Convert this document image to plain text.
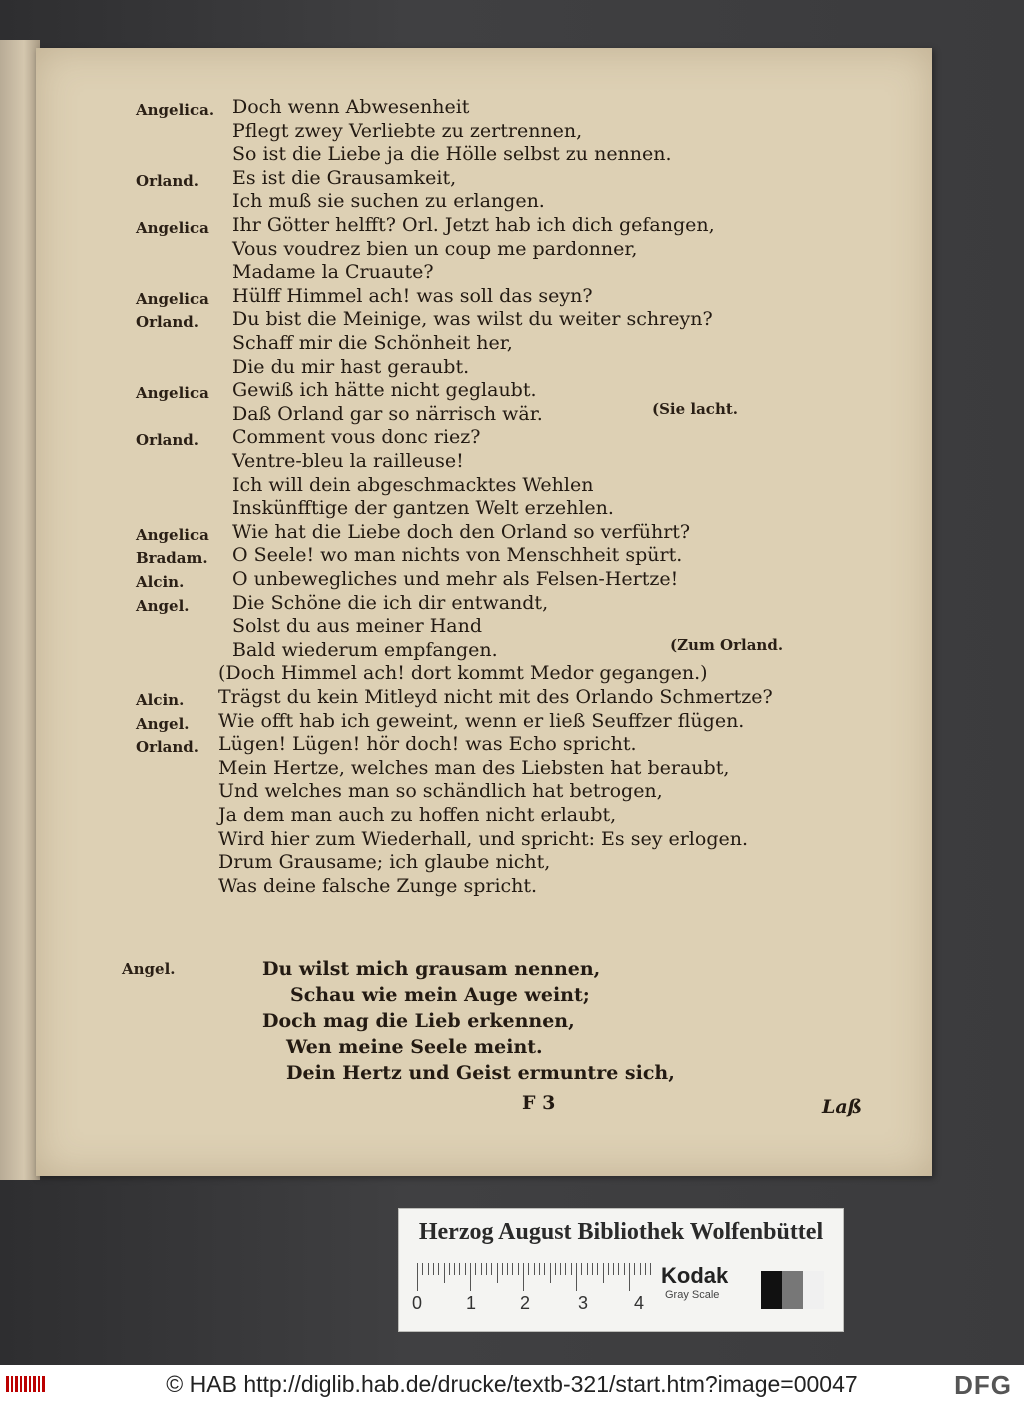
Angelica. Doch wenn Abwesenheit
Pflegt zwey Verliebte zu zertrennen,
So ist die Liebe ja die Hölle selbst zu nennen.
Orland. Es ist die Grausamkeit,
Ich muß sie suchen zu erlangen.
Angelica Ihr Götter helfft? Orl. Jetzt hab ich dich gefangen,
Vous voudrez bien un coup me pardonner,
Madame la Cruaute?
Angelica Hülff Himmel ach! was soll das seyn?
Orland. Du bist die Meinige, was wilst du weiter schreyn?
Schaff mir die Schönheit her,
Die du mir hast geraubt.
Angelica Gewiß ich hätte nicht geglaubt.
Daß Orland gar so närrisch wär.
Orland. Comment vous donc riez?
Ventre-bleu la railleuse!
Ich will dein abgeschmacktes Wehlen
Inskünfftige der gantzen Welt erzehlen.
Angelica Wie hat die Liebe doch den Orland so verführt?
Bradam. O Seele! wo man nichts von Menschheit spürt.
Alcin.	O unbewegliches und mehr als Felsen-Hertze!
Angel. Die Schöne die ich dir entwandt,
Solst du aus meiner Hand
Bald wiederum empfangen.
(Doch Himmel ach! dort kommt Medor gegangen.)
Alcin. Trägst du kein Mitleyd nicht mit des Orlando Schmertze?
Angel. Wie offt hab ich geweint, wenn er ließ Seuffzer flügen.
Orland. Lügen! Lügen! hör doch! was Echo spricht.
Mein Hertze, welches man des Liebsten hat beraubt,
Und welches man so schändlich hat betrogen,
Ja dem man auch zu hoffen nicht erlaubt,
Wird hier zum Wiederhall, und spricht: Es sey erlogen.
Drum Grausame; ich glaube nicht,
Was deine falsche Zunge spricht.
(Sie lacht.
(Zum Orland.
Angel.	Du wilst mich grausam nennen,
Schau wie mein Auge weint;
Doch mag die Lieb erkennen,
Wen meine Seele meint.
Dein Hertz und Geist ermuntre sich,
F 3	Laß
Herzog August Bibliothek Wolfenbüttel
0 1 2	3	4
Kodak
Gray Scale
© HAB http://diglib.hab.de/drucke/textb-321/start.htm?image=00047	DFG
